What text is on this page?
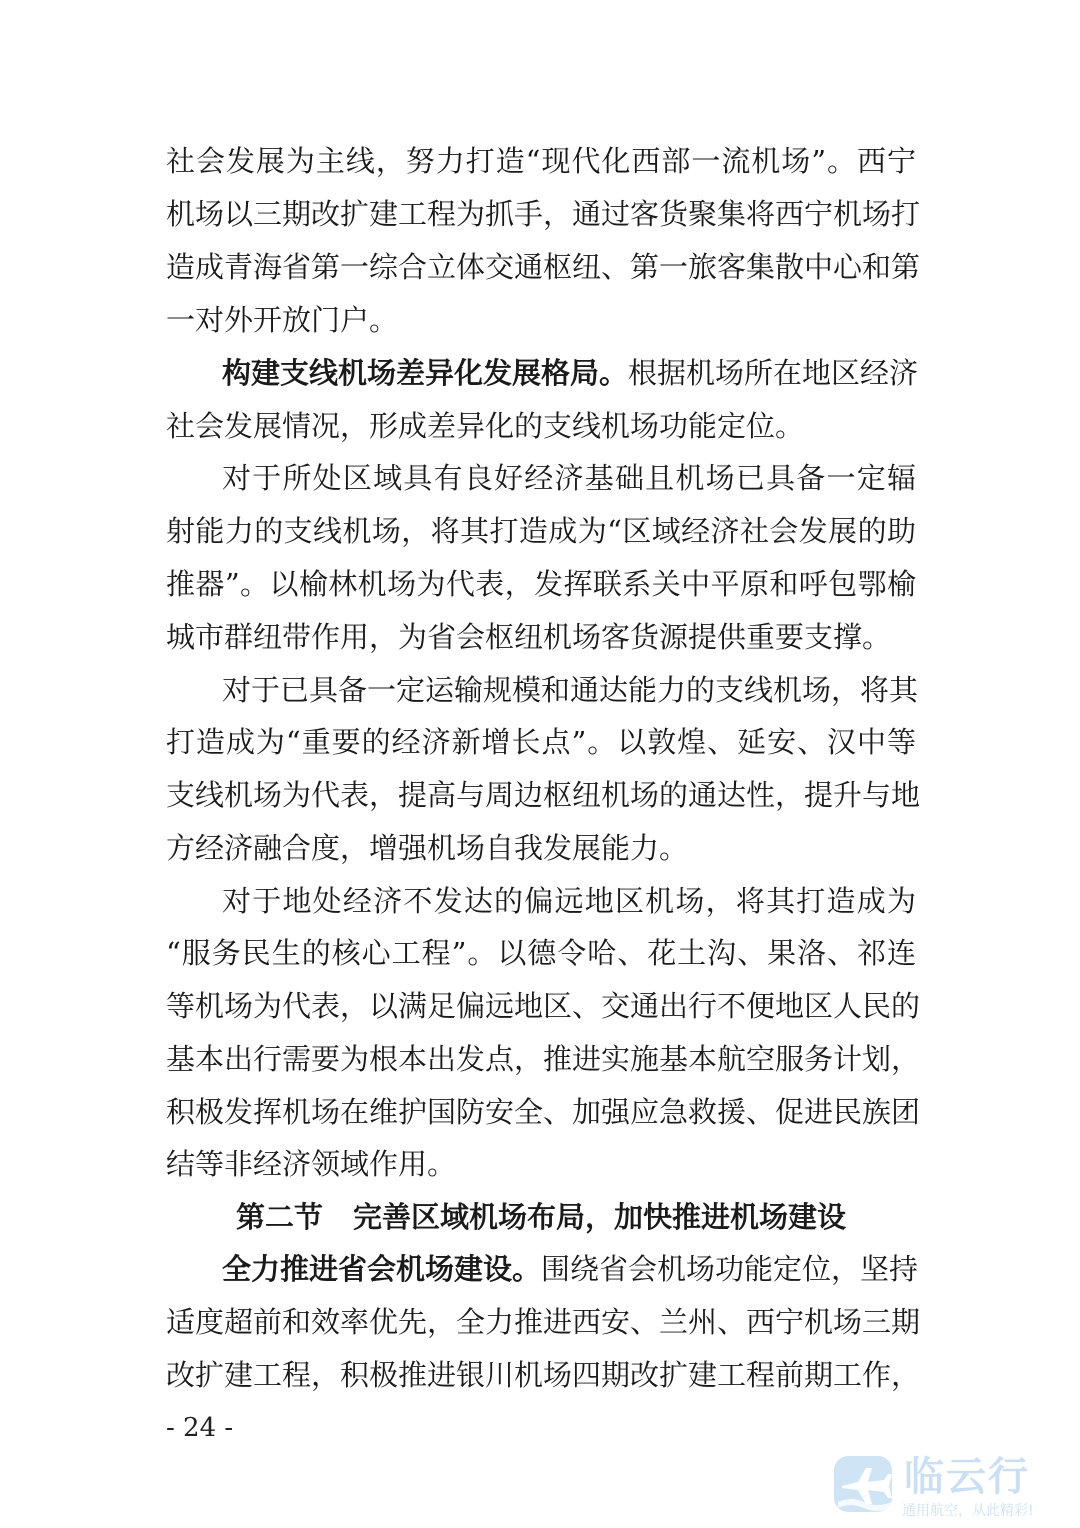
社会发展为主线，努力打造“现代化西部一流机场”。西宁
机场以三期改扩建工程为抓手，通过客货聚集将西宁机场打
造成青海省第一综合立体交通枢纽、第一旅客集散中心和第
一对外开放门户。
构建支线机场差异化发展格局。根据机场所在地区经济
社会发展情况，形成差异化的支线机场功能定位。
对于所处区域具有良好经济基础且机场已具备一定辐
射能力的支线机场，将其打造成为“区域经济社会发展的助
推器”。以榆林机场为代表，发挥联系关中平原和呼包鄂榆
城市群纽带作用，为省会枢纽机场客货源提供重要支撑。
对于已具备一定运输规模和通达能力的支线机场，将其
打造成为“重要的经济新增长点”。以敦煌、延安、汉中等
支线机场为代表，提高与周边枢纽机场的通达性，提升与地
方经济融合度，增强机场自我发展能力。
对于地处经济不发达的偏远地区机场，将其打造成为
“服务民生的核心工程”。以德令哈、花土沟、果洛、祁连
等机场为代表，以满足偏远地区、交通出行不便地区人民的
基本出行需要为根本出发点，推进实施基本航空服务计划，
积极发挥机场在维护国防安全、加强应急救援、促进民族团
结等非经济领域作用。
第二节 完善区域机场布局，加快推进机场建设
全力推进省会机场建设。围绕省会机场功能定位，坚持
适度超前和效率优先，全力推进西安、兰州、西宁机场三期
改扩建工程，积极推进银川机场四期改扩建工程前期工作，
- 24 -
临云行
通用航空，从此精彩!
